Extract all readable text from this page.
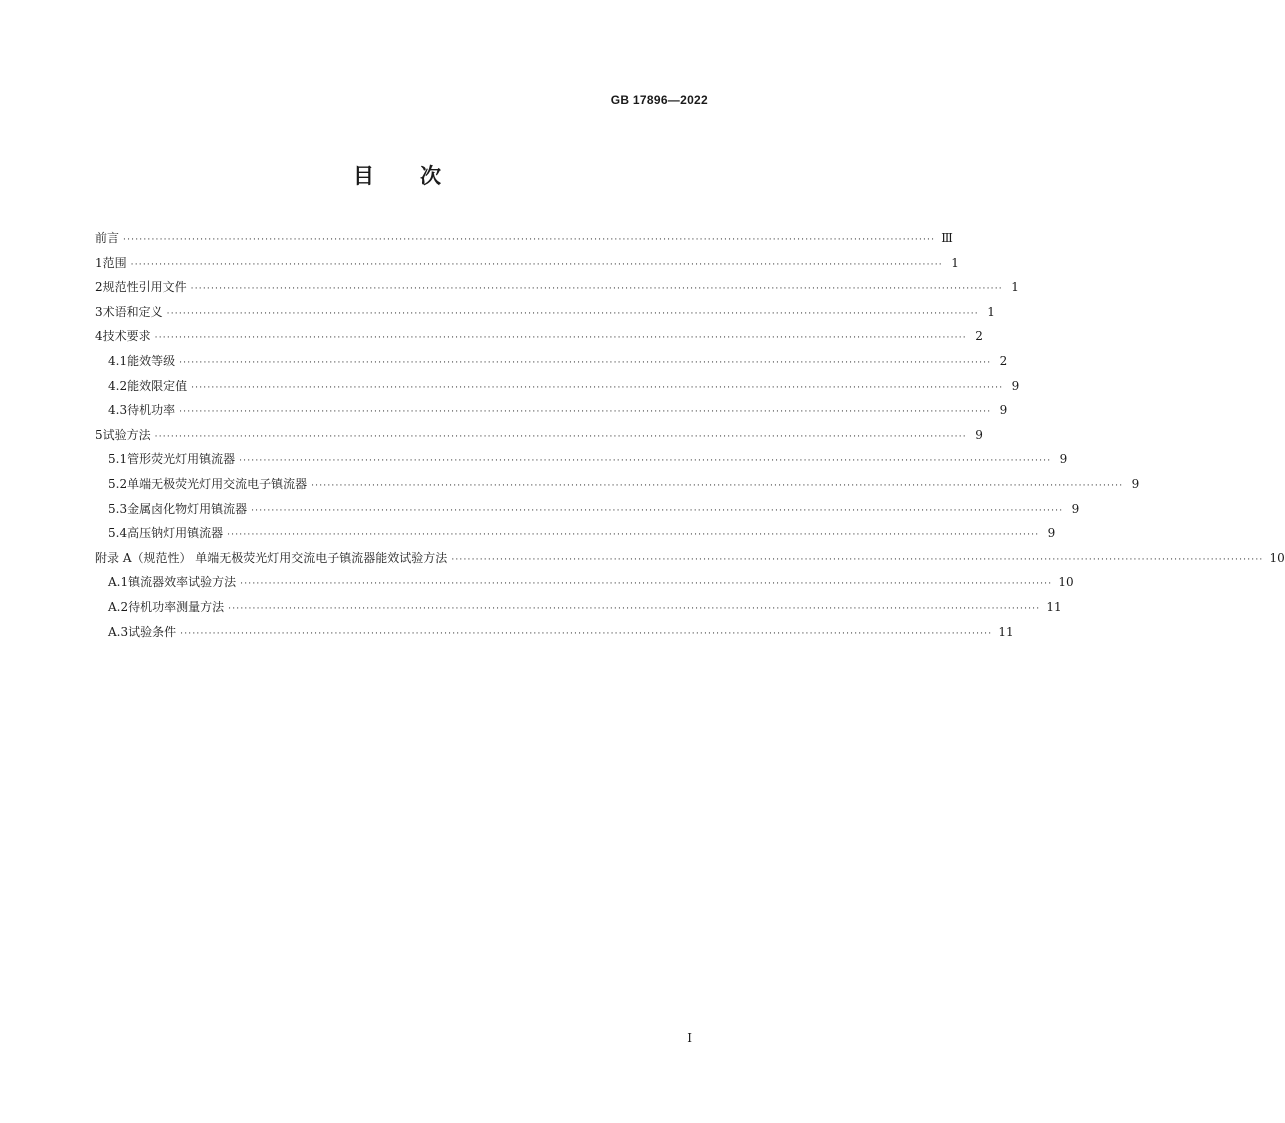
GB 17896—2022
目次
前言 ········································································································································································································ Ⅲ
1 范围 ········································································································································································································ 1
2 规范性引用文件 ········································································································································································································ 1
3 术语和定义 ········································································································································································································ 1
4 技术要求 ········································································································································································································ 2
4.1 能效等级 ········································································································································································································ 2
4.2 能效限定值 ········································································································································································································ 9
4.3 待机功率 ········································································································································································································ 9
5 试验方法 ········································································································································································································ 9
5.1 管形荧光灯用镇流器 ········································································································································································································ 9
5.2 单端无极荧光灯用交流电子镇流器 ········································································································································································································ 9
5.3 金属卤化物灯用镇流器 ········································································································································································································ 9
5.4 高压钠灯用镇流器 ········································································································································································································ 9
附录 A（规范性） 单端无极荧光灯用交流电子镇流器能效试验方法 ········································································································································································································ 10
A.1 镇流器效率试验方法 ········································································································································································································ 10
A.2 待机功率测量方法 ········································································································································································································ 11
A.3 试验条件 ········································································································································································································ 11
I
